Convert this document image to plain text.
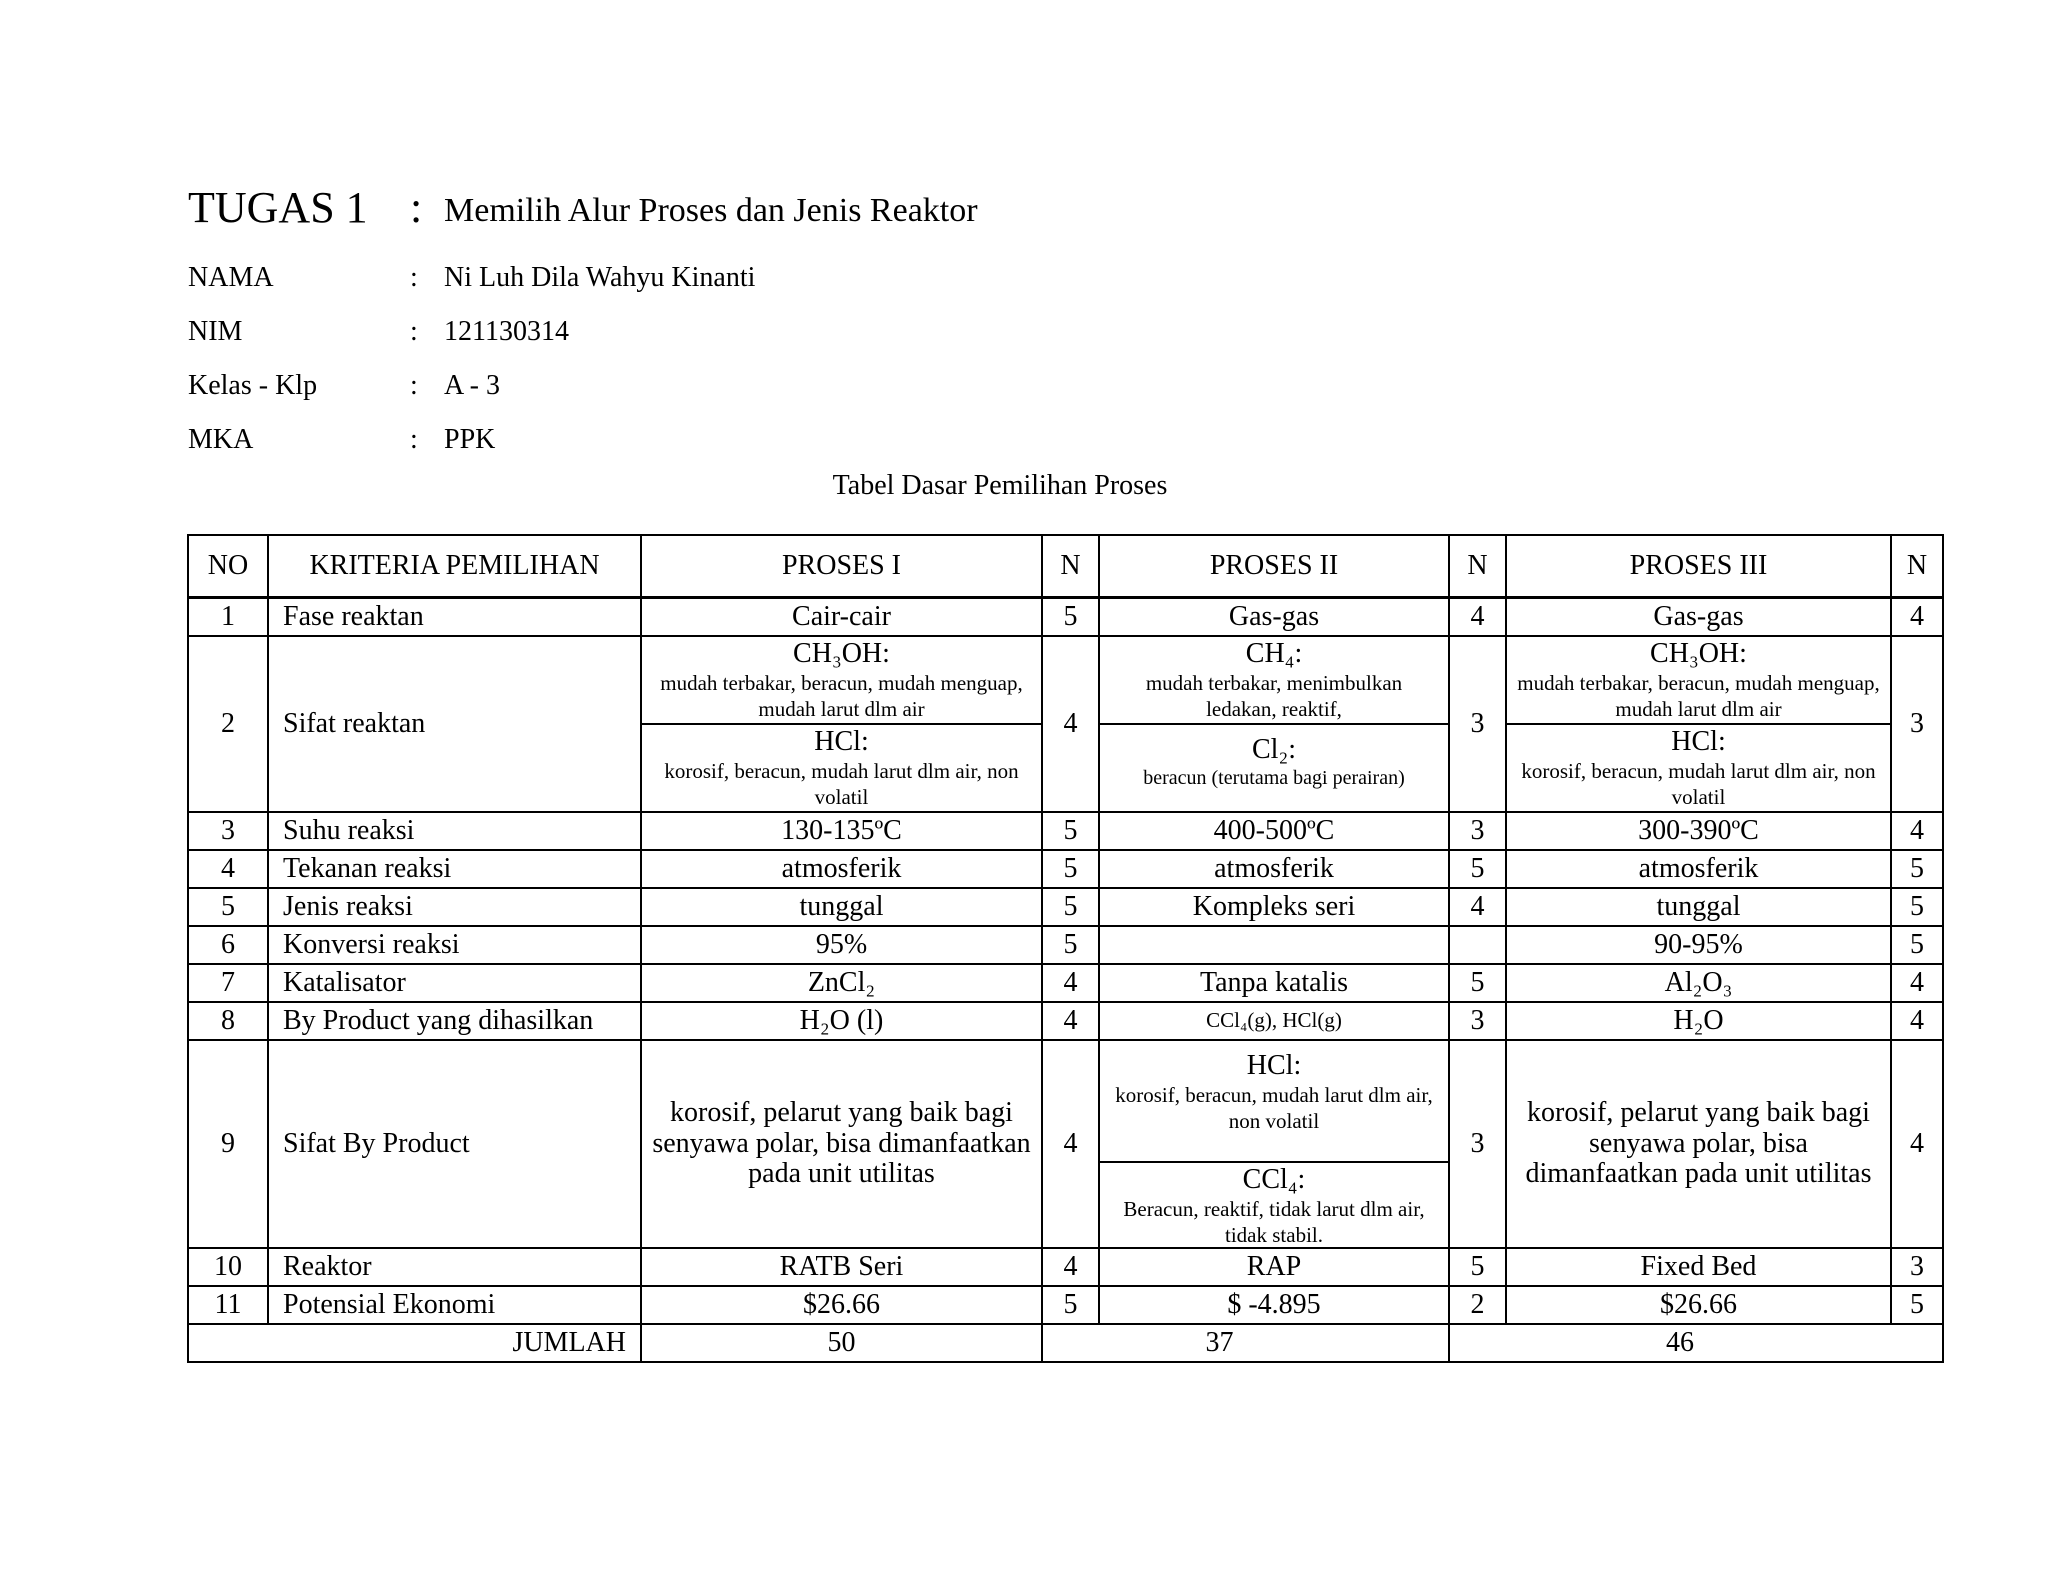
TUGAS 1 : Memilih Alur Proses dan Jenis Reaktor
NAMA	: Ni Luh Dila Wahyu Kinanti
NIM	: 121130314
Kelas - Klp	: A - 3
MKA	: PPK
Tabel Dasar Pemilihan Proses
NO	KRITERIA PEMILIHAN	PROSES I	N	PROSES II	N	PROSES III	N
1	Fase reaktan	Cair-cair	5	Gas-gas	4	Gas-gas	4
2	Sifat reaktan	CH₃OH:
mudah terbakar, beracun, mudah menguap, mudah larut dlm air
HCl:
korosif, beracun, mudah larut dlm air, non volatil	4	CH₄:
mudah terbakar, menimbulkan ledakan, reaktif,
Cl₂:
beracun (terutama bagi perairan)	3	CH₃OH:
mudah terbakar, beracun, mudah menguap, mudah larut dlm air
HCl:
korosif, beracun, mudah larut dlm air, non volatil	3
3	Suhu reaksi	130-135ºC	5	400-500ºC	3	300-390ºC	4
4	Tekanan reaksi	atmosferik	5	atmosferik	5	atmosferik	5
5	Jenis reaksi	tunggal	5	Kompleks seri	4	tunggal	5
6	Konversi reaksi	95%	5			90-95%	5
7	Katalisator	ZnCl₂	4	Tanpa katalis	5	Al₂O₃	4
8	By Product yang dihasilkan	H₂O (l)	4	CCl₄(g), HCl(g)	3	H₂O	4
9	Sifat By Product	korosif, pelarut yang baik bagi senyawa polar, bisa dimanfaatkan pada unit utilitas	4	HCl:
korosif, beracun, mudah larut dlm air, non volatil
CCl₄:
Beracun, reaktif, tidak larut dlm air, tidak stabil.	3	korosif, pelarut yang baik bagi senyawa polar, bisa dimanfaatkan pada unit utilitas	4
10	Reaktor	RATB Seri	4	RAP	5	Fixed Bed	3
11	Potensial Ekonomi	$26.66	5	$ -4.895	2	$26.66	5
JUMLAH		50	37		46		
